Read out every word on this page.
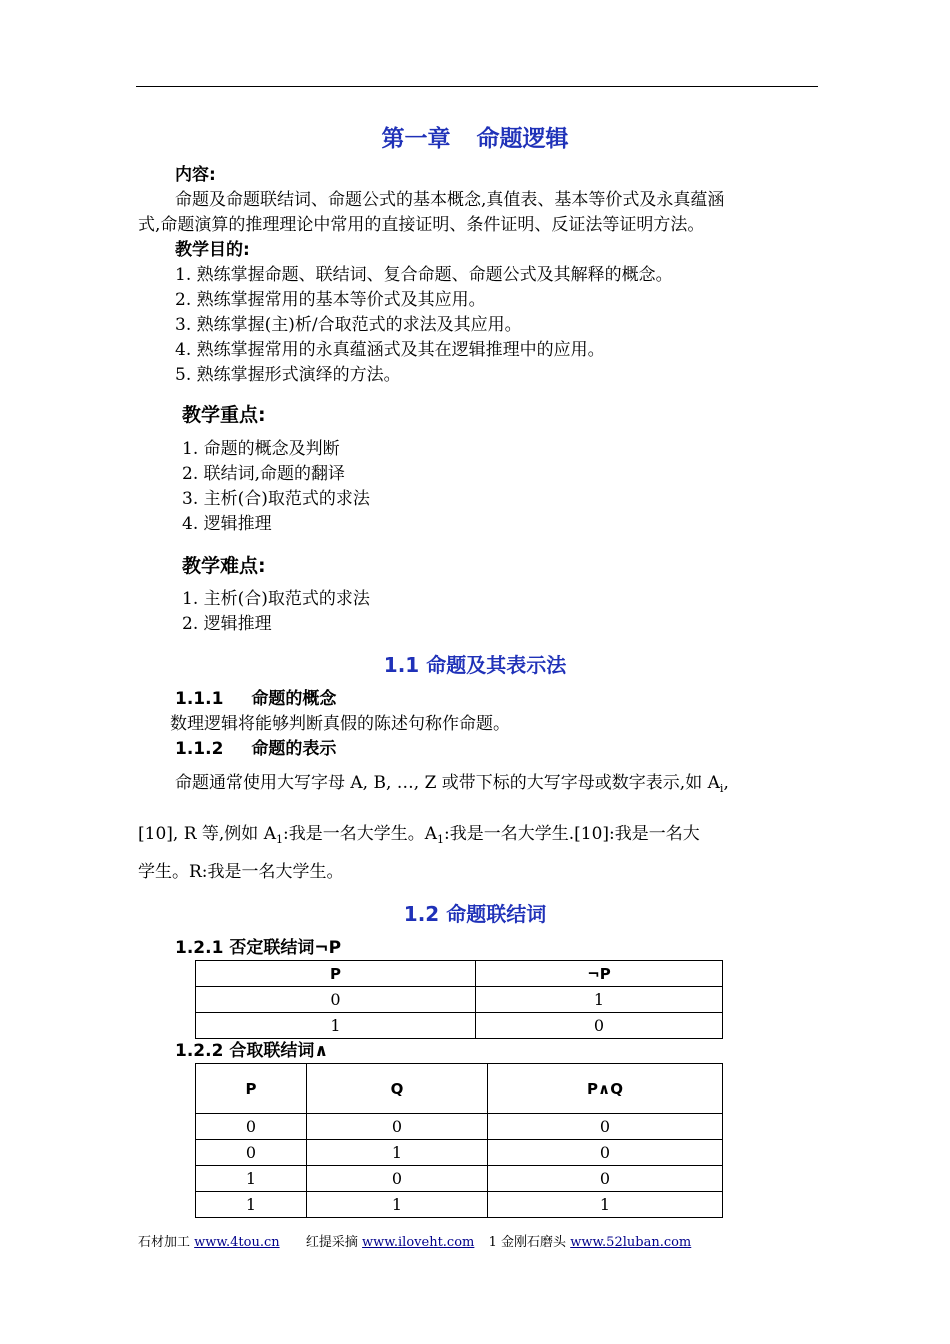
第一章 命题逻辑
内容:
命题及命题联结词、命题公式的基本概念,真值表、基本等价式及永真蕴涵
式,命题演算的推理理论中常用的直接证明、条件证明、反证法等证明方法。
教学目的:
1. 熟练掌握命题、联结词、复合命题、命题公式及其解释的概念。
2. 熟练掌握常用的基本等价式及其应用。
3. 熟练掌握(主)析/合取范式的求法及其应用。
4. 熟练掌握常用的永真蕴涵式及其在逻辑推理中的应用。
5. 熟练掌握形式演绎的方法。
教学重点:
1. 命题的概念及判断
2. 联结词,命题的翻译
3. 主析(合)取范式的求法
4. 逻辑推理
教学难点:
1. 主析(合)取范式的求法
2. 逻辑推理
1.1 命题及其表示法
1.1.1 命题的概念
数理逻辑将能够判断真假的陈述句称作命题。
1.1.2 命题的表示
命题通常使用大写字母 A, B, …, Z 或带下标的大写字母或数字表示,如 $A_i$,
[10], R 等,例如 $A_1$:我是一名大学生。$A_1$:我是一名大学生.[10]:我是一名大
学生。R:我是一名大学生。
1.2 命题联结词
1.2.1 否定联结词¬P
P	¬P
0	1
1	0
1.2.2 合取联结词∧
P	Q	P∧Q
0	0	0
0	1	0
1	0	0
1	1	1
石材加工 www.4tou.cn 红提采摘 www.iloveht.com 1 金刚石磨头 www.52luban.com
